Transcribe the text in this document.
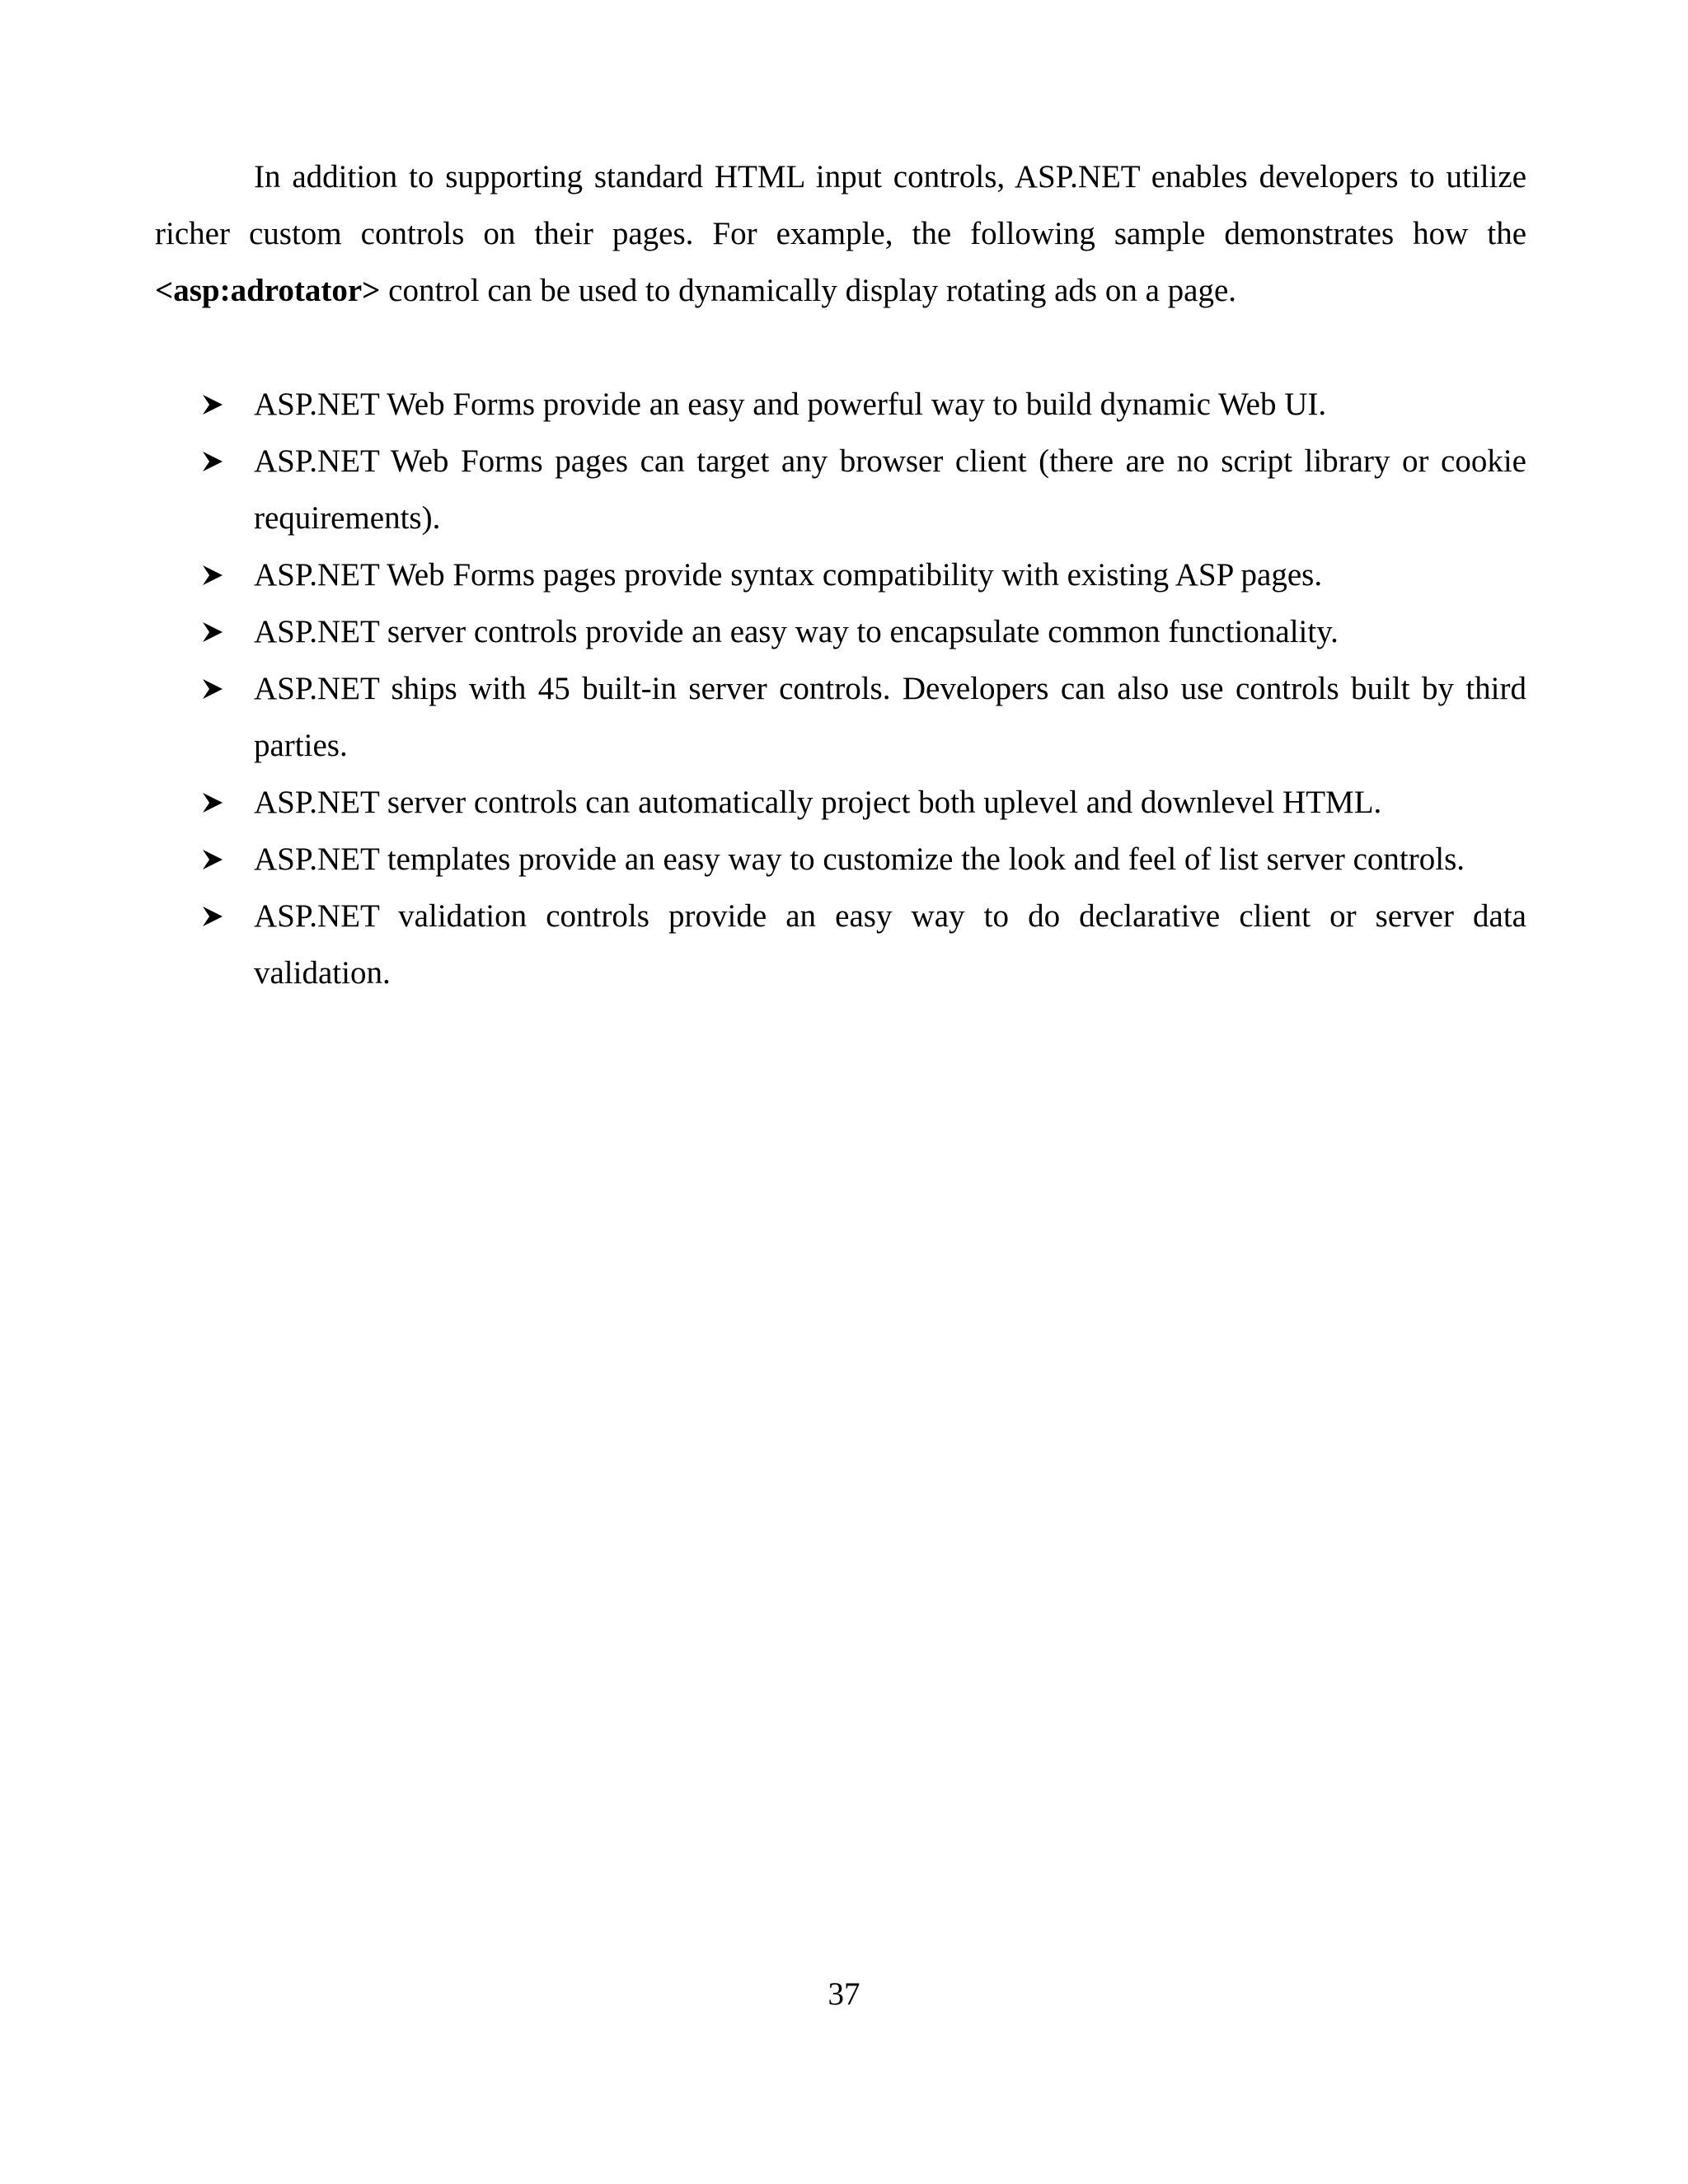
In addition to supporting standard HTML input controls, ASP.NET enables developers to utilize richer custom controls on their pages. For example, the following sample demonstrates how the <asp:adrotator> control can be used to dynamically display rotating ads on a page.

ASP.NET Web Forms provide an easy and powerful way to build dynamic Web UI.
ASP.NET Web Forms pages can target any browser client (there are no script library or cookie requirements).
ASP.NET Web Forms pages provide syntax compatibility with existing ASP pages.
ASP.NET server controls provide an easy way to encapsulate common functionality.
ASP.NET ships with 45 built-in server controls. Developers can also use controls built by third parties.
ASP.NET server controls can automatically project both uplevel and downlevel HTML.
ASP.NET templates provide an easy way to customize the look and feel of list server controls.
ASP.NET validation controls provide an easy way to do declarative client or server data validation.
37
